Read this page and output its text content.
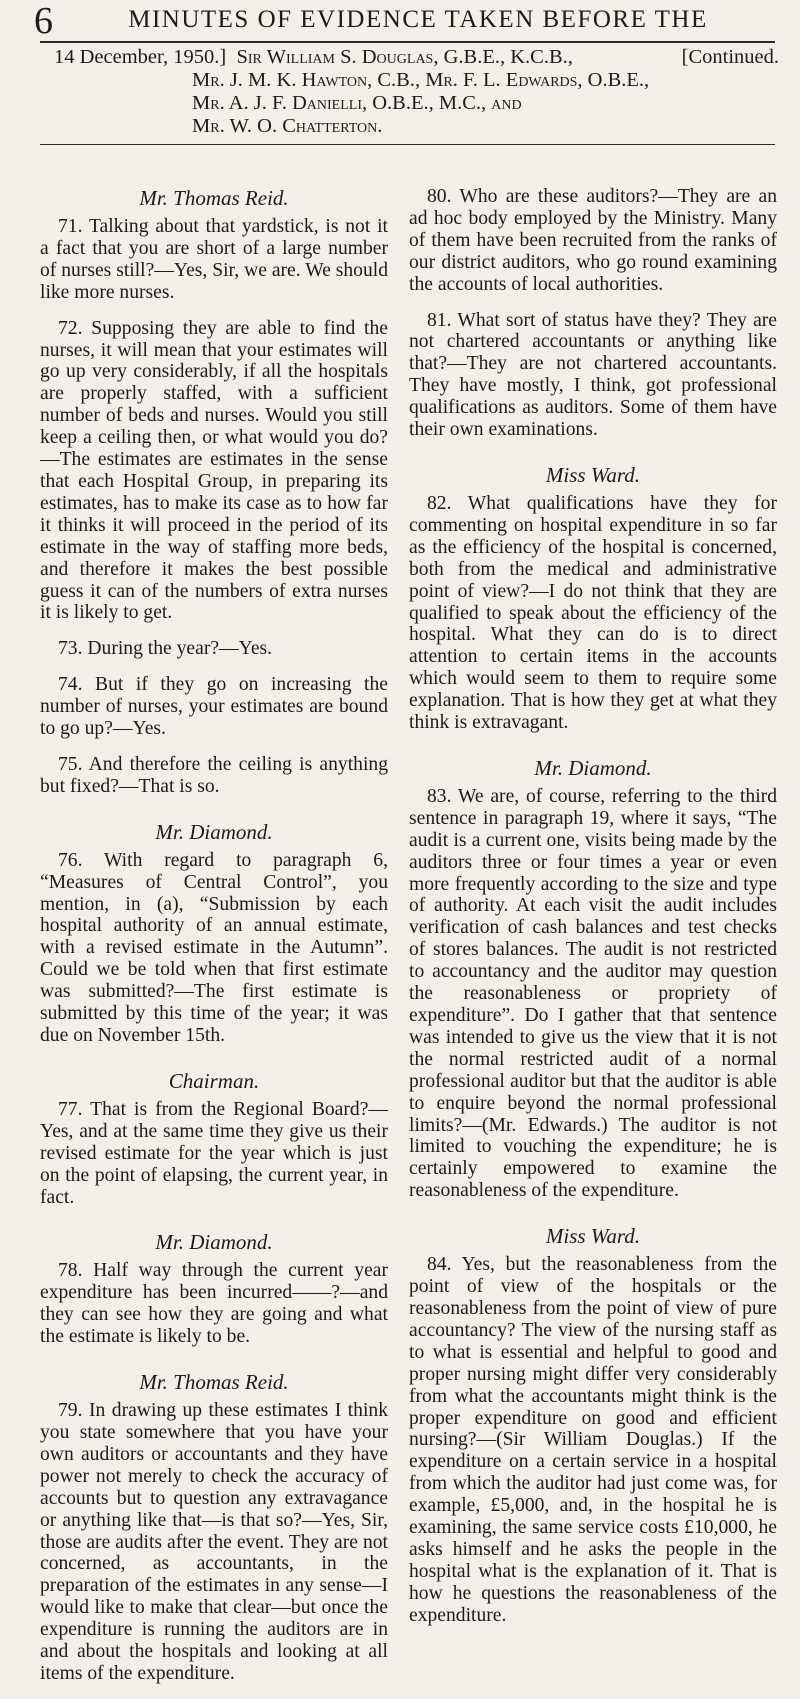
6	MINUTES OF EVIDENCE TAKEN BEFORE THE
14 December, 1950.] Sir William S. Douglas, G.B.E., K.C.B.,	[Continued.
Mr. J. M. K. Hawton, C.B., Mr. F. L. Edwards, O.B.E.,
Mr. A. J. F. Danielli, O.B.E., M.C., and
Mr. W. O. Chatterton.
Mr. Thomas Reid.

71. Talking about that yardstick, is not it a fact that you are short of a large number of nurses still?—Yes, Sir, we are. We should like more nurses.

72. Supposing they are able to find the nurses, it will mean that your estimates will go up very considerably, if all the hospitals are properly staffed, with a sufficient number of beds and nurses. Would you still keep a ceiling then, or what would you do?—The estimates are estimates in the sense that each Hospital Group, in preparing its estimates, has to make its case as to how far it thinks it will proceed in the period of its estimate in the way of staffing more beds, and therefore it makes the best possible guess it can of the numbers of extra nurses it is likely to get.

73. During the year?—Yes.

74. But if they go on increasing the number of nurses, your estimates are bound to go up?—Yes.

75. And therefore the ceiling is anything but fixed?—That is so.

Mr. Diamond.

76. With regard to paragraph 6, “Measures of Central Control”, you mention, in (a), “Submission by each hospital authority of an annual estimate, with a revised estimate in the Autumn”. Could we be told when that first estimate was submitted?—The first estimate is submitted by this time of the year; it was due on November 15th.

Chairman.

77. That is from the Regional Board?—Yes, and at the same time they give us their revised estimate for the year which is just on the point of elapsing, the current year, in fact.

Mr. Diamond.

78. Half way through the current year expenditure has been incurred——?—and they can see how they are going and what the estimate is likely to be.

Mr. Thomas Reid.

79. In drawing up these estimates I think you state somewhere that you have your own auditors or accountants and they have power not merely to check the accuracy of accounts but to question any extravagance or anything like that—is that so?—Yes, Sir, those are audits after the event. They are not concerned, as accountants, in the preparation of the estimates in any sense—I would like to make that clear—but once the expenditure is running the auditors are in and about the hospitals and looking at all items of the expenditure.

80. Who are these auditors?—They are an ad hoc body employed by the Ministry. Many of them have been recruited from the ranks of our district auditors, who go round examining the accounts of local authorities.

81. What sort of status have they? They are not chartered accountants or anything like that?—They are not chartered accountants. They have mostly, I think, got professional qualifications as auditors. Some of them have their own examinations.

Miss Ward.

82. What qualifications have they for commenting on hospital expenditure in so far as the efficiency of the hospital is concerned, both from the medical and administrative point of view?—I do not think that they are qualified to speak about the efficiency of the hospital. What they can do is to direct attention to certain items in the accounts which would seem to them to require some explanation. That is how they get at what they think is extravagant.

Mr. Diamond.

83. We are, of course, referring to the third sentence in paragraph 19, where it says, “The audit is a current one, visits being made by the auditors three or four times a year or even more frequently according to the size and type of authority. At each visit the audit includes verification of cash balances and test checks of stores balances. The audit is not restricted to accountancy and the auditor may question the reasonableness or propriety of expenditure”. Do I gather that that sentence was intended to give us the view that it is not the normal restricted audit of a normal professional auditor but that the auditor is able to enquire beyond the normal professional limits?—(Mr. Edwards.) The auditor is not limited to vouching the expenditure; he is certainly empowered to examine the reasonableness of the expenditure.

Miss Ward.

84. Yes, but the reasonableness from the point of view of the hospitals or the reasonableness from the point of view of pure accountancy? The view of the nursing staff as to what is essential and helpful to good and proper nursing might differ very considerably from what the accountants might think is the proper expenditure on good and efficient nursing?—(Sir William Douglas.) If the expenditure on a certain service in a hospital from which the auditor had just come was, for example, £5,000, and, in the hospital he is examining, the same service costs £10,000, he asks himself and he asks the people in the hospital what is the explanation of it. That is how he questions the reasonableness of the expenditure.
